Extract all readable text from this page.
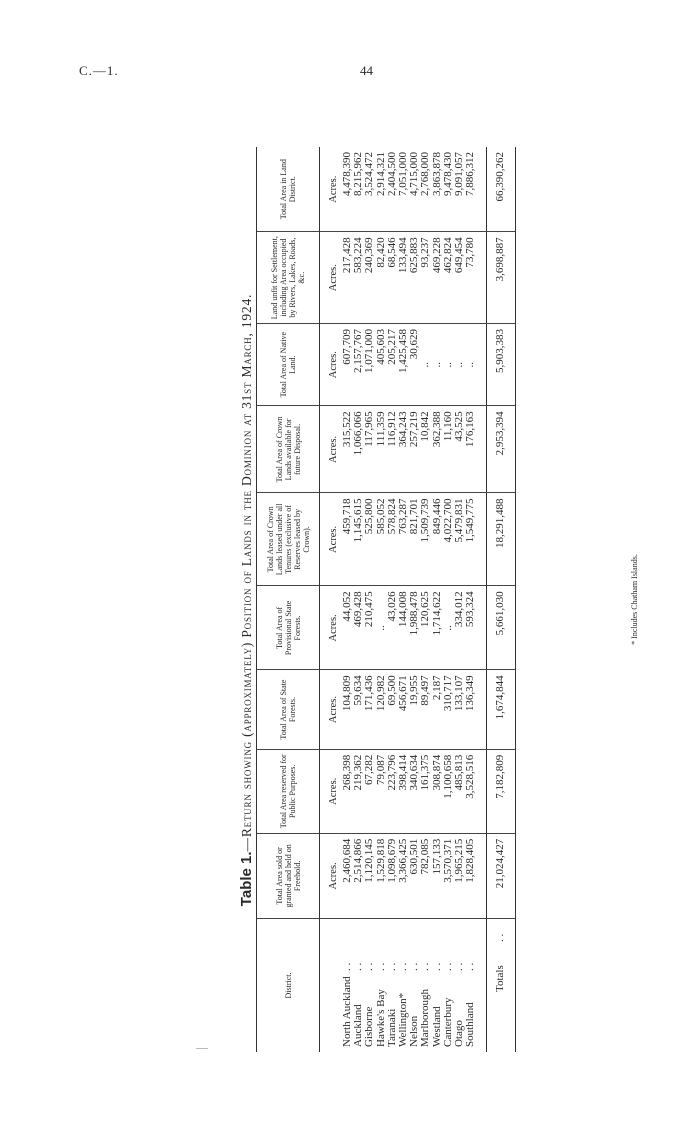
C.—1.	44
Table 1.—Return showing (approximately) Position of Lands in the Dominion at 31st March, 1924.
District.	Total Area sold or granted and held on Freehold.	Total Area reserved for Public Purposes.	Total Area of State Forests.	Total Area of Provisional State Forests.	Total Area of Crown Lands leased under all Tenures (exclusive of Reserves leased by Crown).	Total Area of Crown Lands available for future Disposal.	Total Area of Native Land.	Land unfit for Settlement, including Area occupied by Rivers, Lakes, Roads, &c.	Total Area in Land District.
	Acres.	Acres.	Acres.	Acres.	Acres.	Acres.	Acres.	Acres.	Acres.
North Auckland. .	2,460,684	268,398	104,809	44,052	459,718	315,522	607,709	217,428	4,478,390
Auckland. .	2,514,866	219,362	59,634	469,428	1,145,615	1,066,066	2,157,767	583,224	8,215,962
Gisborne. .	1,120,145	67,282	171,436	210,475	525,800	117,965	1,071,000	240,369	3,524,472
Hawke's Bay. .	1,529,818	79,087	120,982	..	585,052	111,359	405,603	82,420	2,914,321
Taranaki. .	1,098,679	223,796	69,500	43,026	578,824	116,912	205,217	68,546	2,404,500
Wellington*. .	3,366,425	398,414	456,671	144,008	763,287	364,243	1,425,458	133,494	7,051,000
Nelson. .	630,501	340,634	19,955	1,988,478	821,701	257,219	30,629	625,883	4,715,000
Marlborough. .	782,085	161,375	89,497	120,625	1,509,739	10,842	..	93,237	2,768,000
Westland. .	157,133	308,874	2,187	1,714,622	849,446	362,388	..	469,228	3,863,878
Canterbury. .	3,570,371	1,100,658	310,717	..	4,022,700	11,160	..	462,824	9,478,430
Otago. .	1,965,215	485,813	133,107	334,012	5,479,831	43,525	..	649,454	9,091,057
Southland. .	1,828,405	3,528,516	136,349	593,324	1,549,775	176,163	..	73,780	7,886,312

Totals. .	21,024,427	7,182,809	1,674,844	5,661,030	18,291,488	2,953,394	5,903,383	3,698,887	66,390,262
* Includes Chatham Islands.
